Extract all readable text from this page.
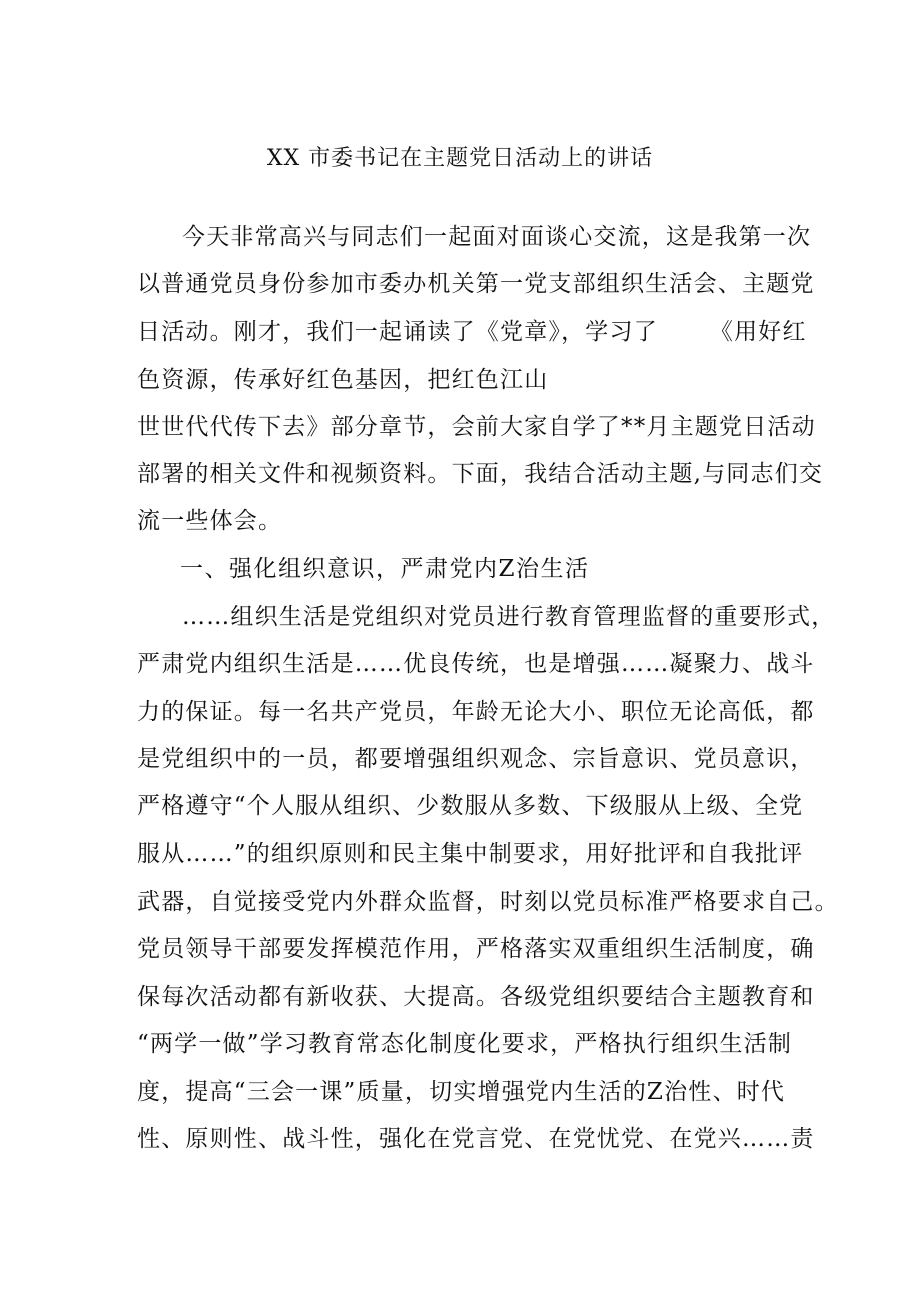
XX 市委书记在主题党日活动上的讲话
今天非常高兴与同志们一起面对面谈心交流，这是我第一次
以普通党员身份参加市委办机关第一党支部组织生活会、主题党
日活动。刚才，我们一起诵读了《党章》，学习了 《用好红
色资源，传承好红色基因，把红色江山
世世代代传下去》部分章节，会前大家自学了**月主题党日活动
部署的相关文件和视频资料。下面，我结合活动主题,与同志们交
流一些体会。
一、强化组织意识，严肃党内Z治生活
……组织生活是党组织对党员进行教育管理监督的重要形式，
严肃党内组织生活是……优良传统，也是增强……凝聚力、战斗
力的保证。每一名共产党员，年龄无论大小、职位无论高低，都
是党组织中的一员，都要增强组织观念、宗旨意识、党员意识，
严格遵守“个人服从组织、少数服从多数、下级服从上级、全党
服从……”的组织原则和民主集中制要求，用好批评和自我批评
武器，自觉接受党内外群众监督，时刻以党员标准严格要求自己。
党员领导干部要发挥模范作用，严格落实双重组织生活制度，确
保每次活动都有新收获、大提高。各级党组织要结合主题教育和
“两学一做”学习教育常态化制度化要求，严格执行组织生活制
度，提高“三会一课”质量，切实增强党内生活的Z治性、时代
性、原则性、战斗性，强化在党言党、在党忧党、在党兴……责
